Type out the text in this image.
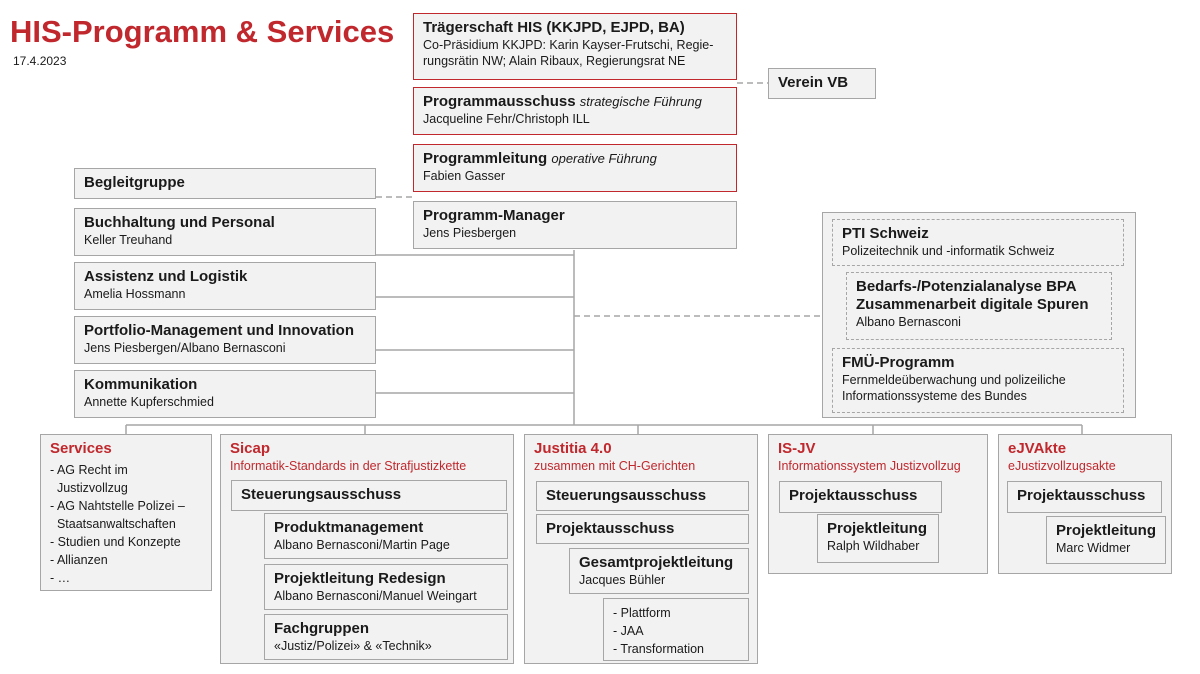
HIS-Programm & Services
17.4.2023
Trägerschaft HIS (KKJPD, EJPD, BA)
Co-Präsidium KKJPD: Karin Kayser-Frutschi, Regie-
rungsrätin NW; Alain Ribaux, Regierungsrat NE
Verein VB
Programmausschuss strategische Führung
Jacqueline Fehr/Christoph ILL
Programmleitung operative Führung
Fabien Gasser
Programm-Manager
Jens Piesbergen
Begleitgruppe
Buchhaltung und Personal
Keller Treuhand
Assistenz und Logistik
Amelia Hossmann
Portfolio-Management und Innovation
Jens Piesbergen/Albano Bernasconi
Kommunikation
Annette Kupferschmied
PTI Schweiz
Polizeitechnik und -informatik Schweiz
Bedarfs-/Potenzialanalyse BPA
Zusammenarbeit digitale Spuren
Albano Bernasconi
FMÜ-Programm
Fernmeldeüberwachung und polizeiliche
Informationssysteme des Bundes
Services
- AG Recht im
Justizvollzug
- AG Nahtstelle Polizei –
Staatsanwaltschaften
- Studien und Konzepte
- Allianzen
- …
Sicap
Informatik-Standards in der Strafjustizkette
Steuerungsausschuss
Produktmanagement
Albano Bernasconi/Martin Page
Projektleitung Redesign
Albano Bernasconi/Manuel Weingart
Fachgruppen
«Justiz/Polizei» & «Technik»
Justitia 4.0
zusammen mit CH-Gerichten
Steuerungsausschuss
Projektausschuss
Gesamtprojektleitung
Jacques Bühler
- Plattform
- JAA
- Transformation
IS-JV
Informationssystem Justizvollzug
Projektausschuss
Projektleitung
Ralph Wildhaber
eJVAkte
eJustizvollzugsakte
Projektausschuss
Projektleitung
Marc Widmer
